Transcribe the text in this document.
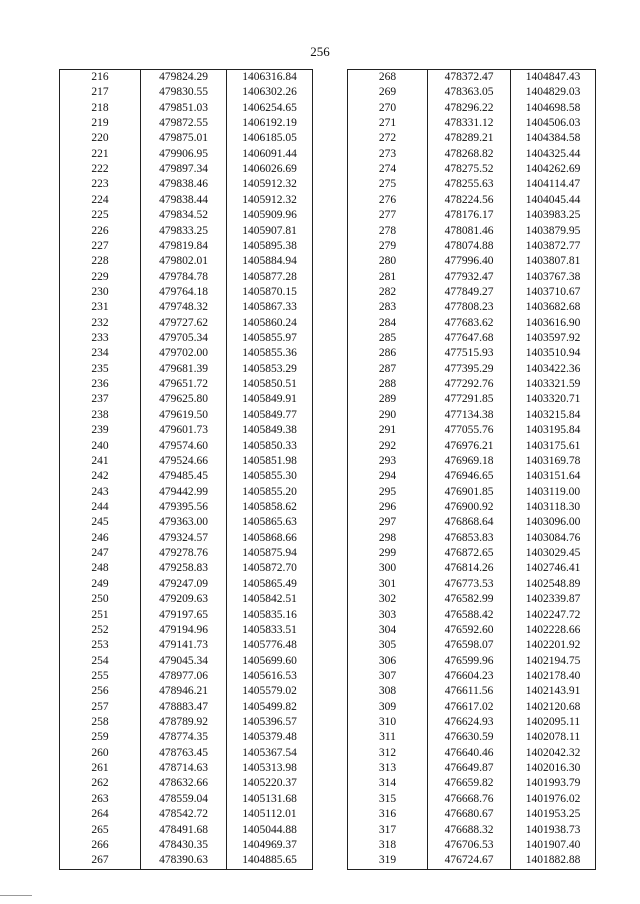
256
216	479824.29	1406316.84
217	479830.55	1406302.26
218	479851.03	1406254.65
219	479872.55	1406192.19
220	479875.01	1406185.05
221	479906.95	1406091.44
222	479897.34	1406026.69
223	479838.46	1405912.32
224	479838.44	1405912.32
225	479834.52	1405909.96
226	479833.25	1405907.81
227	479819.84	1405895.38
228	479802.01	1405884.94
229	479784.78	1405877.28
230	479764.18	1405870.15
231	479748.32	1405867.33
232	479727.62	1405860.24
233	479705.34	1405855.97
234	479702.00	1405855.36
235	479681.39	1405853.29
236	479651.72	1405850.51
237	479625.80	1405849.91
238	479619.50	1405849.77
239	479601.73	1405849.38
240	479574.60	1405850.33
241	479524.66	1405851.98
242	479485.45	1405855.30
243	479442.99	1405855.20
244	479395.56	1405858.62
245	479363.00	1405865.63
246	479324.57	1405868.66
247	479278.76	1405875.94
248	479258.83	1405872.70
249	479247.09	1405865.49
250	479209.63	1405842.51
251	479197.65	1405835.16
252	479194.96	1405833.51
253	479141.73	1405776.48
254	479045.34	1405699.60
255	478977.06	1405616.53
256	478946.21	1405579.02
257	478883.47	1405499.82
258	478789.92	1405396.57
259	478774.35	1405379.48
260	478763.45	1405367.54
261	478714.63	1405313.98
262	478632.66	1405220.37
263	478559.04	1405131.68
264	478542.72	1405112.01
265	478491.68	1405044.88
266	478430.35	1404969.37
267	478390.63	1404885.65
268	478372.47	1404847.43
269	478363.05	1404829.03
270	478296.22	1404698.58
271	478331.12	1404506.03
272	478289.21	1404384.58
273	478268.82	1404325.44
274	478275.52	1404262.69
275	478255.63	1404114.47
276	478224.56	1404045.44
277	478176.17	1403983.25
278	478081.46	1403879.95
279	478074.88	1403872.77
280	477996.40	1403807.81
281	477932.47	1403767.38
282	477849.27	1403710.67
283	477808.23	1403682.68
284	477683.62	1403616.90
285	477647.68	1403597.92
286	477515.93	1403510.94
287	477395.29	1403422.36
288	477292.76	1403321.59
289	477291.85	1403320.71
290	477134.38	1403215.84
291	477055.76	1403195.84
292	476976.21	1403175.61
293	476969.18	1403169.78
294	476946.65	1403151.64
295	476901.85	1403119.00
296	476900.92	1403118.30
297	476868.64	1403096.00
298	476853.83	1403084.76
299	476872.65	1403029.45
300	476814.26	1402746.41
301	476773.53	1402548.89
302	476582.99	1402339.87
303	476588.42	1402247.72
304	476592.60	1402228.66
305	476598.07	1402201.92
306	476599.96	1402194.75
307	476604.23	1402178.40
308	476611.56	1402143.91
309	476617.02	1402120.68
310	476624.93	1402095.11
311	476630.59	1402078.11
312	476640.46	1402042.32
313	476649.87	1402016.30
314	476659.82	1401993.79
315	476668.76	1401976.02
316	476680.67	1401953.25
317	476688.32	1401938.73
318	476706.53	1401907.40
319	476724.67	1401882.88
